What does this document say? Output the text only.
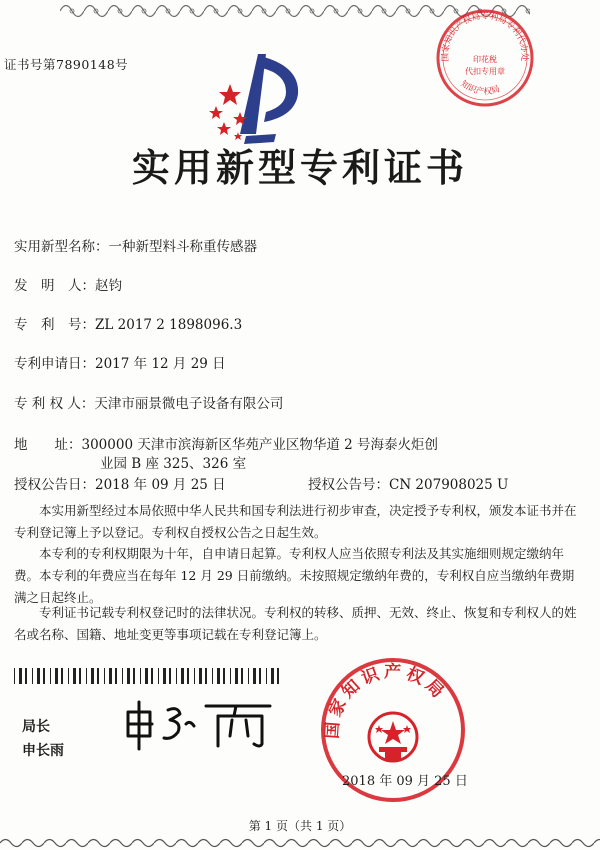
证书号第7890148号	国家知识产权局专利局专利代办处
印花税
代扣专用章
知识产权局
实用新型专利证书
实用新型名称：一种新型料斗称重传感器
发　明　人：赵钧
专　利　号：ZL 2017 2 1898096.3
专利申请日：2017 年 12 月 29 日
专 利 权 人：天津市丽景微电子设备有限公司
地　　址：300000 天津市滨海新区华苑产业区物华道 2 号海泰火炬创
业园 B 座 325、326 室
授权公告日：2018 年 09 月 25 日	授权公告号：CN 207908025 U

本实用新型经过本局依照中华人民共和国专利法进行初步审查，决定授予专利权，颁发本证书并在专利登记簿上予以登记。专利权自授权公告之日起生效。

本专利的专利权期限为十年，自申请日起算。专利权人应当依照专利法及其实施细则规定缴纳年费。本专利的年费应当在每年 12 月 29 日前缴纳。未按照规定缴纳年费的，专利权自应当缴纳年费期满之日起终止。

专利证书记载专利权登记时的法律状况。专利权的转移、质押、无效、终止、恢复和专利权人的姓名或名称、国籍、地址变更等事项记载在专利登记簿上。

局长
申长雨
国家知识产权局
2018 年 09 月 25 日
第 1 页（共 1 页）
